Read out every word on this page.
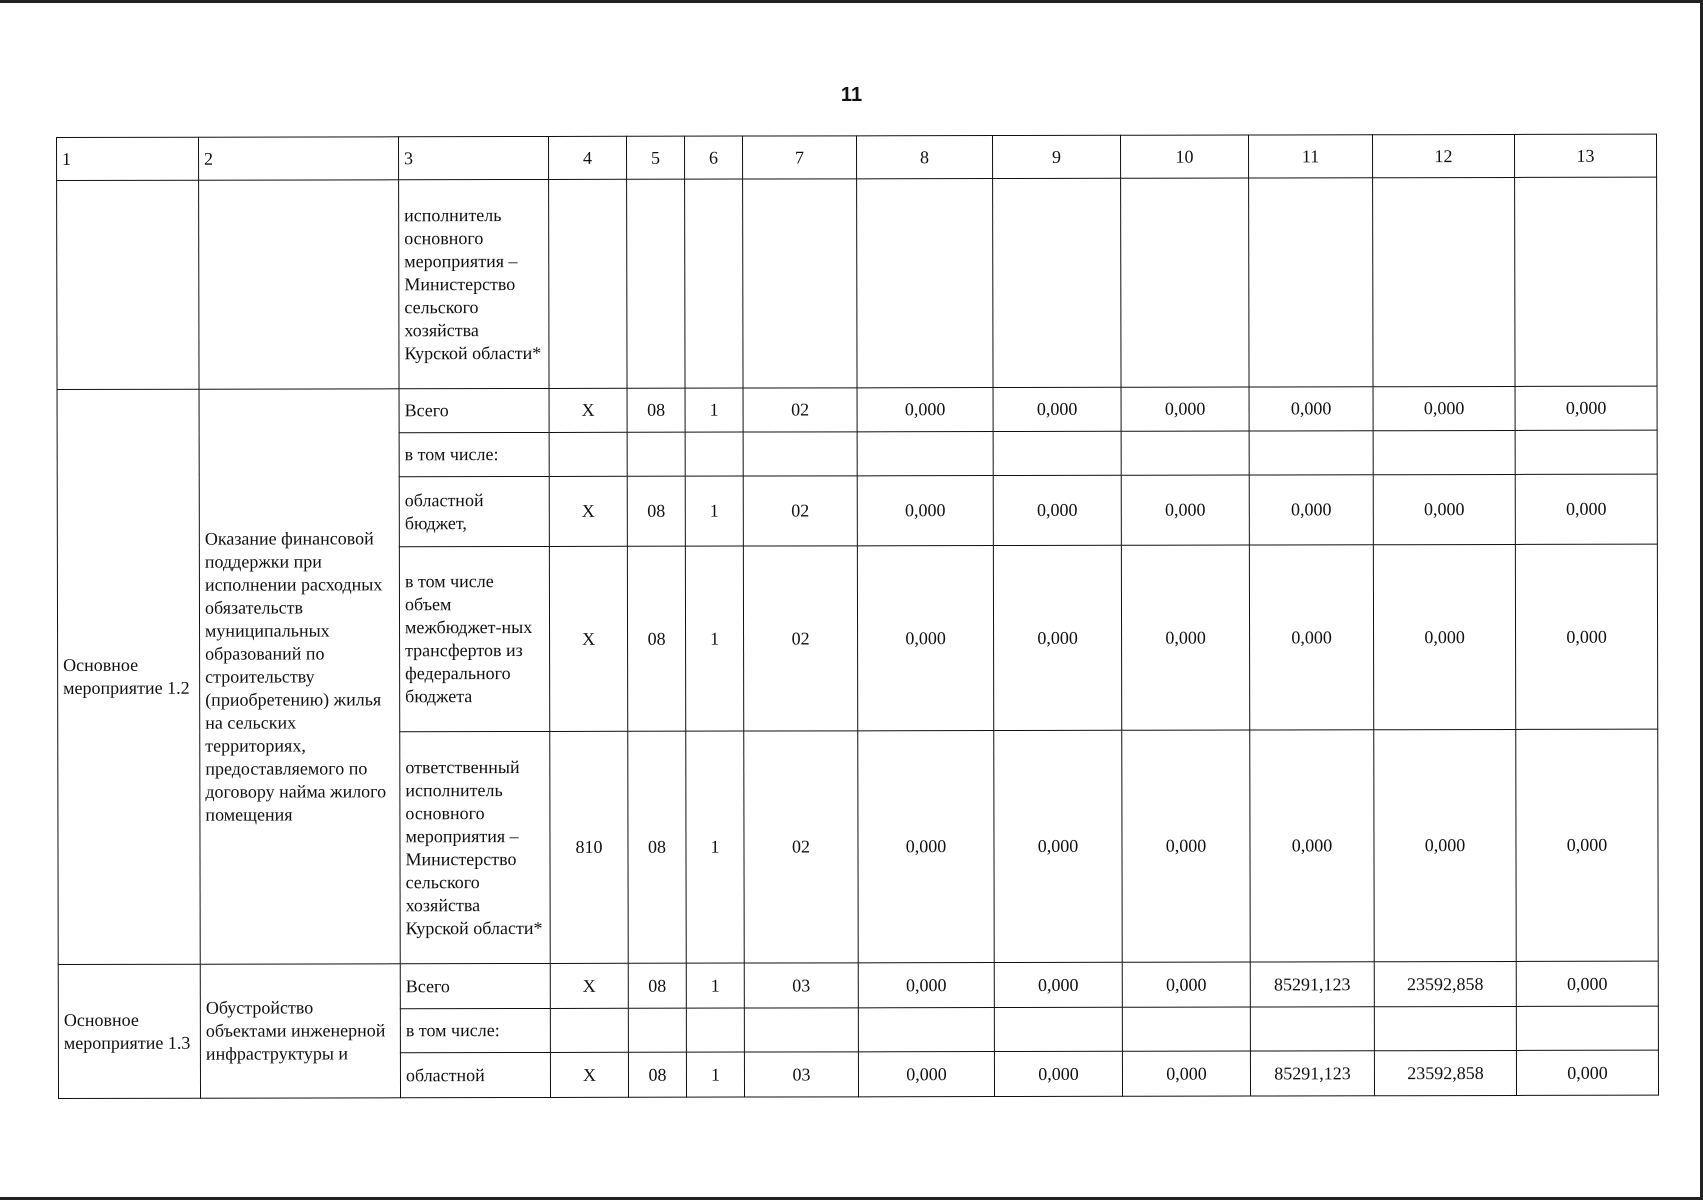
11
1	2	3	4	5	6	7	8	9	10	11	12	13
		исполнитель основного мероприятия – Министерство сельского хозяйства Курской области*										
Основное мероприятие 1.2	Оказание финансовой поддержки при исполнении расходных обязательств муниципальных образований по строительству (приобретению) жилья на сельских территориях, предоставляемого по договору найма жилого помещения	Всего	Х	08	1	02	0,000	0,000	0,000	0,000	0,000	0,000
		в том числе:										
		областной бюджет,	Х	08	1	02	0,000	0,000	0,000	0,000	0,000	0,000
		в том числе объем межбюджет-ных трансфертов из федерального бюджета	Х	08	1	02	0,000	0,000	0,000	0,000	0,000	0,000
		ответственный исполнитель основного мероприятия – Министерство сельского хозяйства Курской области*	810	08	1	02	0,000	0,000	0,000	0,000	0,000	0,000
Основное мероприятие 1.3	Обустройство объектами инженерной инфраструктуры и	Всего	Х	08	1	03	0,000	0,000	0,000	85291,123	23592,858	0,000
		в том числе:										
		областной	Х	08	1	03	0,000	0,000	0,000	85291,123	23592,858	0,000
